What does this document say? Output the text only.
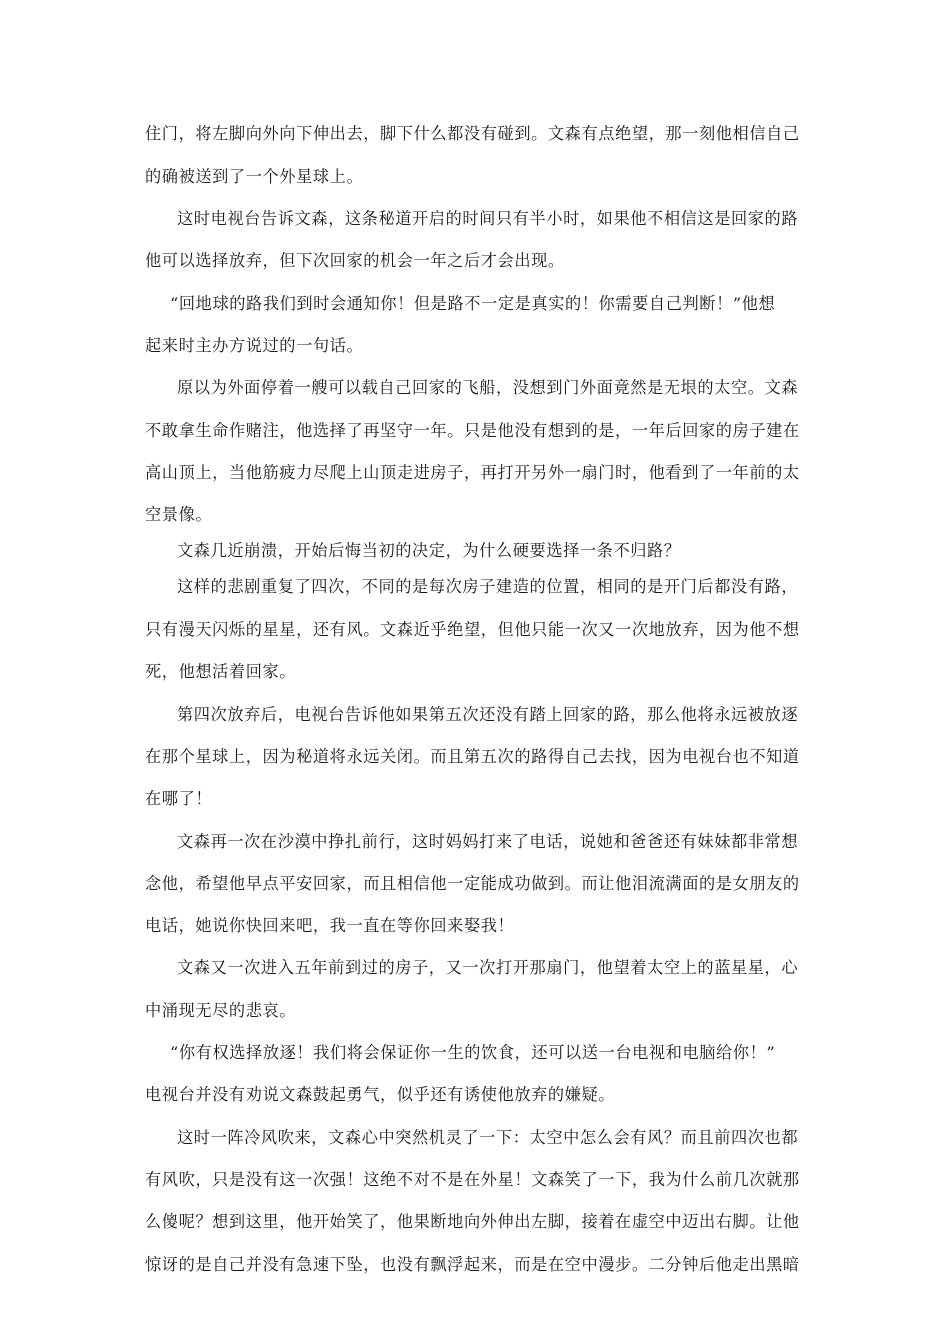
住门，将左脚向外向下伸出去，脚下什么都没有碰到。文森有点绝望，那一刻他相信自己
的确被送到了一个外星球上。
这时电视台告诉文森，这条秘道开启的时间只有半小时，如果他不相信这是回家的路
他可以选择放弃，但下次回家的机会一年之后才会出现。
“回地球的路我们到时会通知你！但是路不一定是真实的！你需要自己判断！”他想
起来时主办方说过的一句话。
原以为外面停着一艘可以载自己回家的飞船，没想到门外面竟然是无垠的太空。文森
不敢拿生命作赌注，他选择了再坚守一年。只是他没有想到的是，一年后回家的房子建在
高山顶上，当他筋疲力尽爬上山顶走进房子，再打开另外一扇门时，他看到了一年前的太
空景像。
文森几近崩溃，开始后悔当初的决定，为什么硬要选择一条不归路？
这样的悲剧重复了四次，不同的是每次房子建造的位置，相同的是开门后都没有路，
只有漫天闪烁的星星，还有风。文森近乎绝望，但他只能一次又一次地放弃，因为他不想
死，他想活着回家。
第四次放弃后，电视台告诉他如果第五次还没有踏上回家的路，那么他将永远被放逐
在那个星球上，因为秘道将永远关闭。而且第五次的路得自己去找，因为电视台也不知道
在哪了！
文森再一次在沙漠中挣扎前行，这时妈妈打来了电话，说她和爸爸还有妹妹都非常想
念他，希望他早点平安回家，而且相信他一定能成功做到。而让他泪流满面的是女朋友的
电话，她说你快回来吧，我一直在等你回来娶我！
文森又一次进入五年前到过的房子，又一次打开那扇门，他望着太空上的蓝星星，心
中涌现无尽的悲哀。
“你有权选择放逐！我们将会保证你一生的饮食，还可以送一台电视和电脑给你！”
电视台并没有劝说文森鼓起勇气，似乎还有诱使他放弃的嫌疑。
这时一阵冷风吹来，文森心中突然机灵了一下：太空中怎么会有风？而且前四次也都
有风吹，只是没有这一次强！这绝不对不是在外星！文森笑了一下，我为什么前几次就那
么傻呢？想到这里，他开始笑了，他果断地向外伸出左脚，接着在虚空中迈出右脚。让他
惊讶的是自己并没有急速下坠，也没有飘浮起来，而是在空中漫步。二分钟后他走出黑暗
